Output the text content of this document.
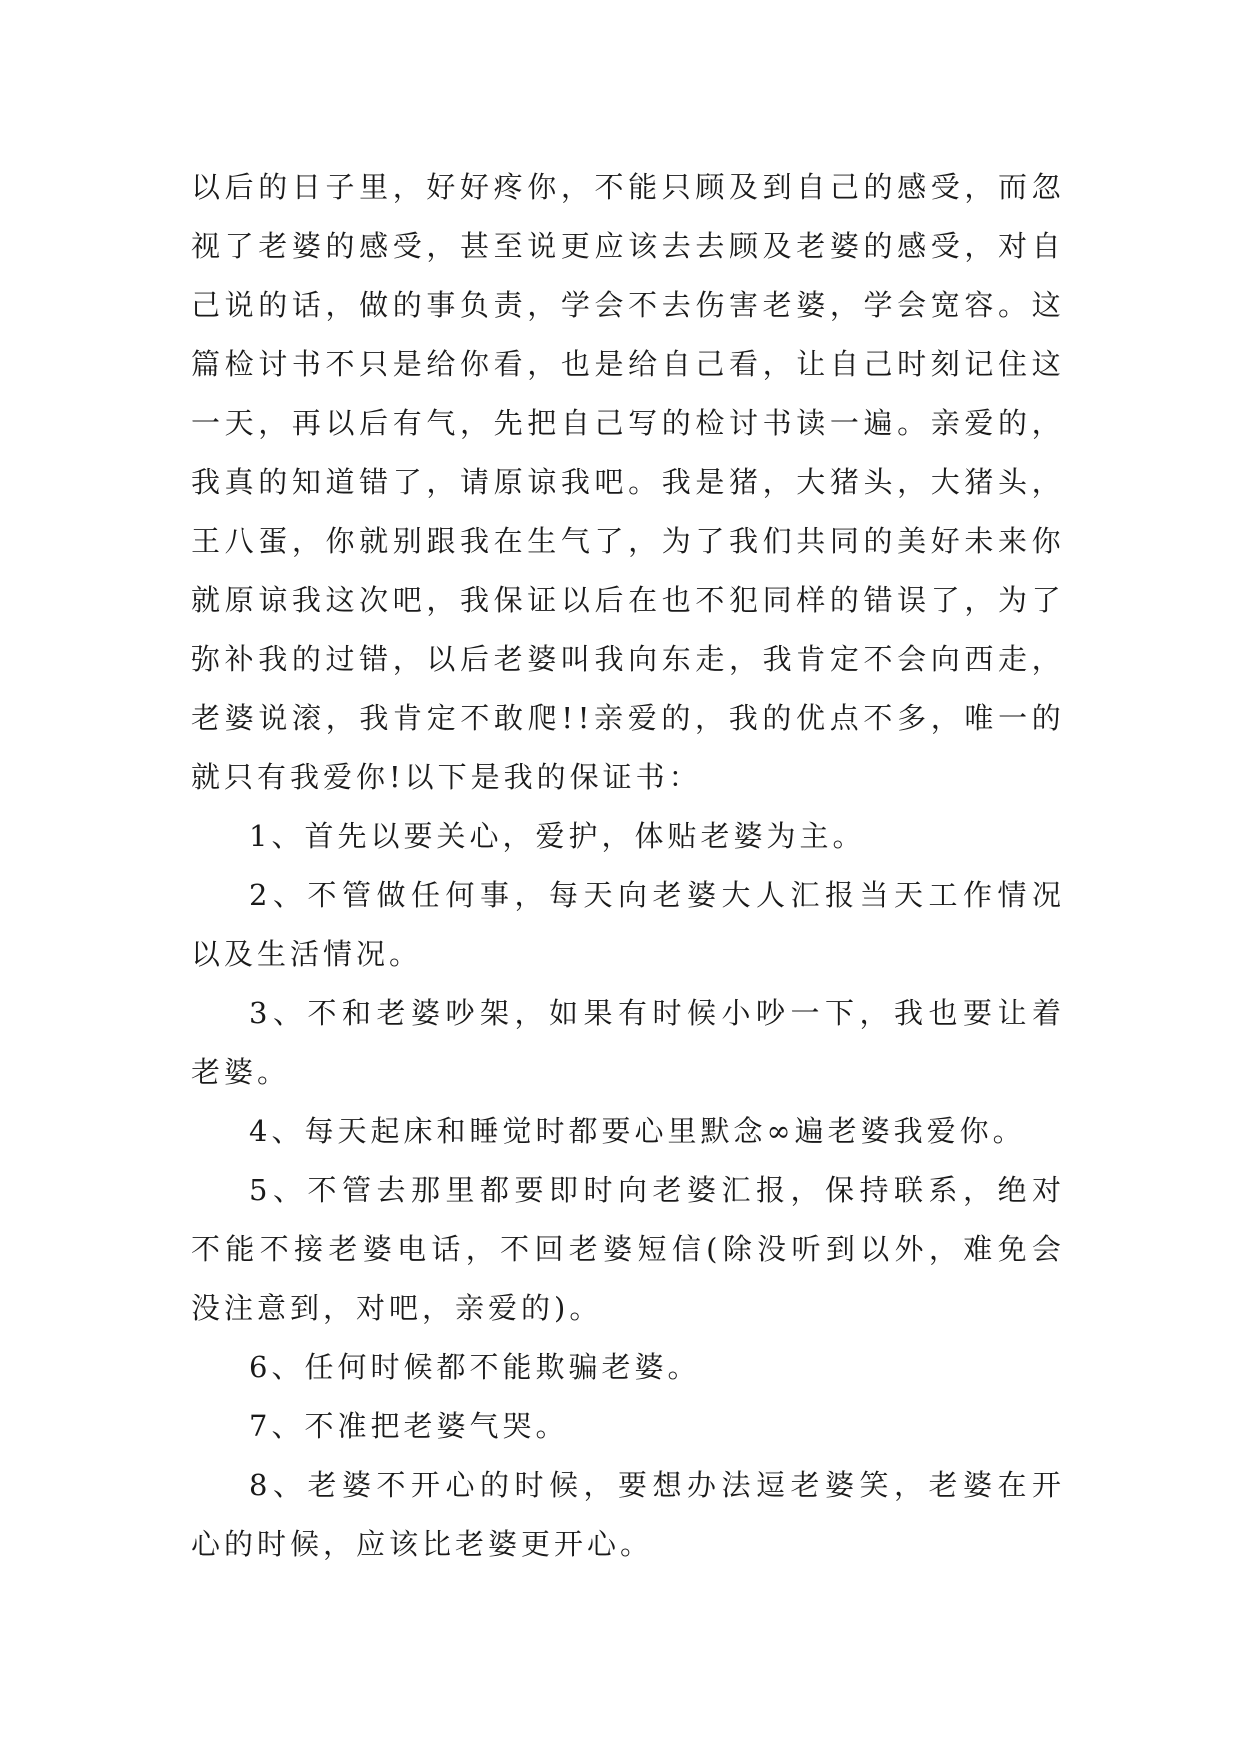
以 后 的 日 子 里 ， 好 好 疼 你 ， 不 能 只 顾 及 到 自 己 的 感 受 ， 而 忽
视 了 老 婆 的 感 受 ， 甚 至 说 更 应 该 去 去 顾 及 老 婆 的 感 受 ， 对 自
己 说 的 话 ， 做 的 事 负 责 ， 学 会 不 去 伤 害 老 婆 ， 学 会 宽 容 。 这
篇 检 讨 书 不 只 是 给 你 看 ， 也 是 给 自 己 看 ， 让 自 己 时 刻 记 住 这
一 天 ， 再 以 后 有 气 ， 先 把 自 己 写 的 检 讨 书 读 一 遍 。 亲 爱 的 ，
我 真 的 知 道 错 了 ， 请 原 谅 我 吧 。 我 是 猪 ， 大 猪 头 ， 大 猪 头 ，
王 八 蛋 ， 你 就 别 跟 我 在 生 气 了 ， 为 了 我 们 共 同 的 美 好 未 来 你
就 原 谅 我 这 次 吧 ， 我 保 证 以 后 在 也 不 犯 同 样 的 错 误 了 ， 为 了
弥 补 我 的 过 错 ， 以 后 老 婆 叫 我 向 东 走 ， 我 肯 定 不 会 向 西 走 ，
老 婆 说 滚 ， 我 肯 定 不 敢 爬 ! ! 亲 爱 的 ， 我 的 优 点 不 多 ， 唯 一 的
就只有我爱你!以下是我的保证书：
1、首先以要关心，爱护，体贴老婆为主。
2 、 不 管 做 任 何 事 ， 每 天 向 老 婆 大 人 汇 报 当 天 工 作 情 况
以及生活情况。
3 、 不 和 老 婆 吵 架 ， 如 果 有 时 候 小 吵 一 下 ， 我 也 要 让 着
老婆。
4、每天起床和睡觉时都要心里默念∞遍老婆我爱你。
5 、 不 管 去 那 里 都 要 即 时 向 老 婆 汇 报 ， 保 持 联 系 ， 绝 对
不 能 不 接 老 婆 电 话 ， 不 回 老 婆 短 信 ( 除 没 听 到 以 外 ， 难 免 会
没注意到，对吧，亲爱的)。
6、任何时候都不能欺骗老婆。
7、不准把老婆气哭。
8 、 老 婆 不 开 心 的 时 候 ， 要 想 办 法 逗 老 婆 笑 ， 老 婆 在 开
心的时候，应该比老婆更开心。
